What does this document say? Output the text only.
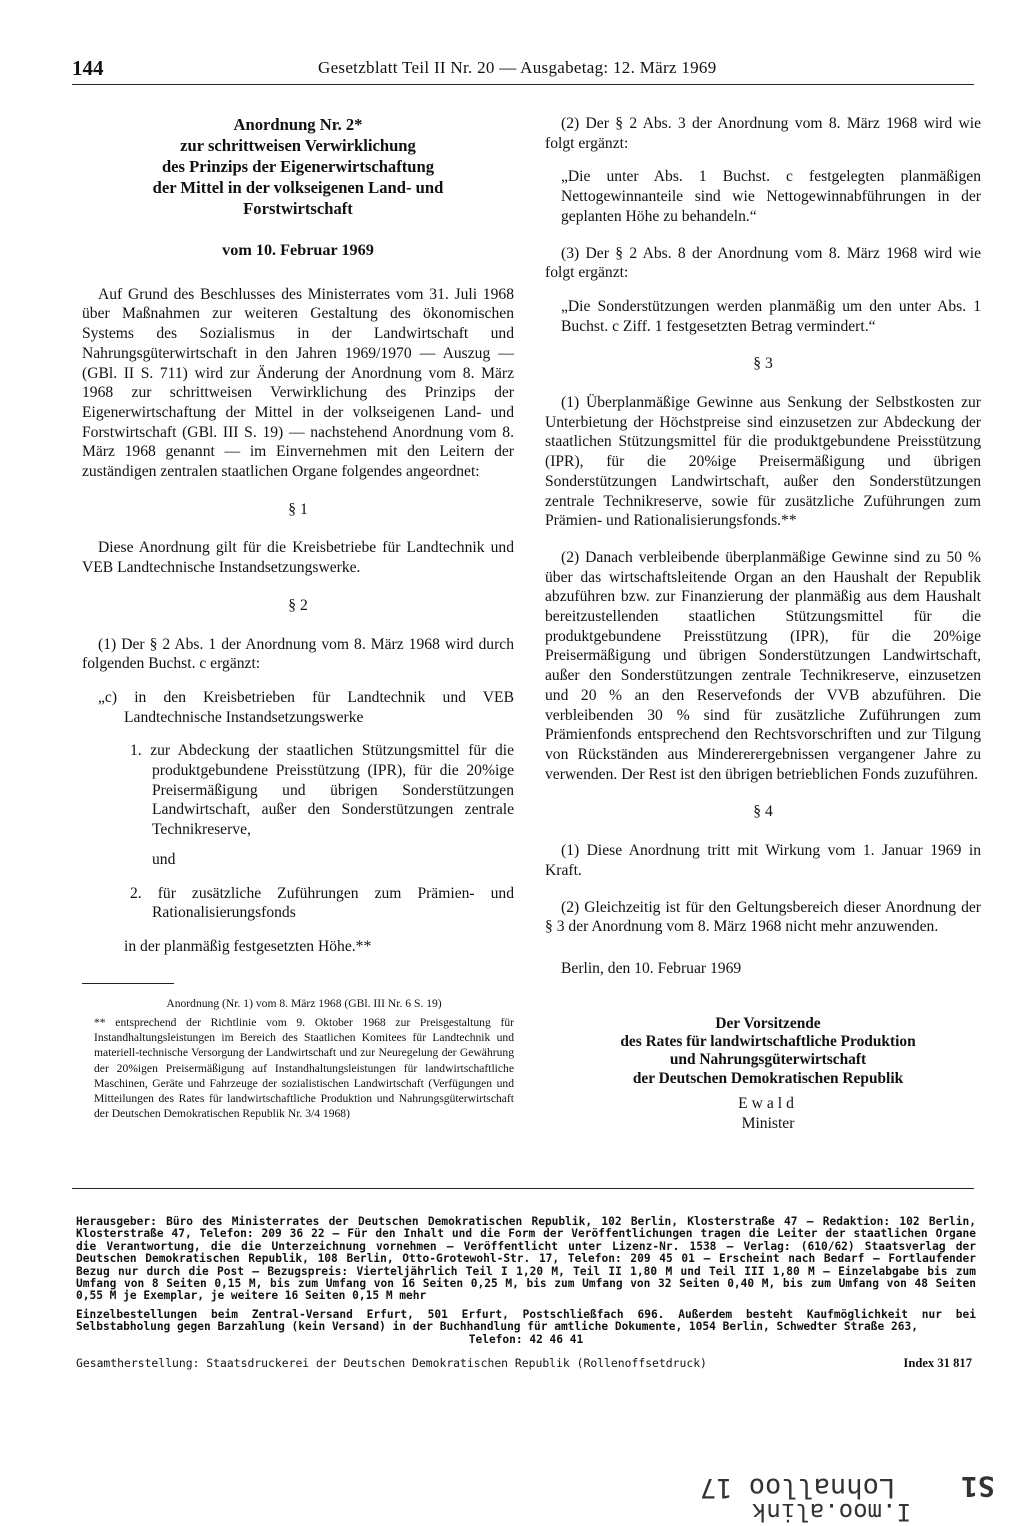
144	Gesetzblatt Teil II Nr. 20 — Ausgabetag: 12. März 1969
Anordnung Nr. 2*
zur schrittweisen Verwirklichung
des Prinzips der Eigenerwirtschaftung
der Mittel in der volkseigenen Land- und
Forstwirtschaft
vom 10. Februar 1969

Auf Grund des Beschlusses des Ministerrates vom 31. Juli 1968 über Maßnahmen zur weiteren Gestaltung des ökonomischen Systems des Sozialismus in der Landwirtschaft und Nahrungsgüterwirtschaft in den Jahren 1969/1970 — Auszug — (GBl. II S. 711) wird zur Änderung der Anordnung vom 8. März 1968 zur schrittweisen Verwirklichung des Prinzips der Eigenerwirtschaftung der Mittel in der volkseigenen Land- und Forstwirtschaft (GBl. III S. 19) — nachstehend Anordnung vom 8. März 1968 genannt — im Einvernehmen mit den Leitern der zuständigen zentralen staatlichen Organe folgendes angeordnet:

§ 1

Diese Anordnung gilt für die Kreisbetriebe für Landtechnik und VEB Landtechnische Instandsetzungswerke.

§ 2

(1) Der § 2 Abs. 1 der Anordnung vom 8. März 1968 wird durch folgenden Buchst. c ergänzt:

„c) in den Kreisbetrieben für Landtechnik und VEB Landtechnische Instandsetzungswerke

1. zur Abdeckung der staatlichen Stützungsmittel für die produktgebundene Preisstützung (IPR), für die 20%ige Preisermäßigung und übrigen Sonderstützungen Landwirtschaft, außer den Sonderstützungen zentrale Technikreserve,

und

2. für zusätzliche Zuführungen zum Prämien- und Rationalisierungsfonds

in der planmäßig festgesetzten Höhe.**

Anordnung (Nr. 1) vom 8. März 1968 (GBl. III Nr. 6 S. 19)

** entsprechend der Richtlinie vom 9. Oktober 1968 zur Preisgestaltung für Instandhaltungsleistungen im Bereich des Staatlichen Komitees für Landtechnik und materiell-technische Versorgung der Landwirtschaft und zur Neuregelung der Gewährung der 20%igen Preisermäßigung auf Instandhaltungsleistungen für landwirtschaftliche Maschinen, Geräte und Fahrzeuge der sozialistischen Landwirtschaft (Verfügungen und Mitteilungen des Rates für landwirtschaftliche Produktion und Nahrungsgüterwirtschaft der Deutschen Demokratischen Republik Nr. 3/4 1968)

(2) Der § 2 Abs. 3 der Anordnung vom 8. März 1968 wird wie folgt ergänzt:

„Die unter Abs. 1 Buchst. c festgelegten planmäßigen Nettogewinnanteile sind wie Nettogewinnabführungen in der geplanten Höhe zu behandeln.“

(3) Der § 2 Abs. 8 der Anordnung vom 8. März 1968 wird wie folgt ergänzt:

„Die Sonderstützungen werden planmäßig um den unter Abs. 1 Buchst. c Ziff. 1 festgesetzten Betrag vermindert.“

§ 3

(1) Überplanmäßige Gewinne aus Senkung der Selbstkosten zur Unterbietung der Höchstpreise sind einzusetzen zur Abdeckung der staatlichen Stützungsmittel für die produktgebundene Preisstützung (IPR), für die 20%ige Preisermäßigung und übrigen Sonderstützungen Landwirtschaft, außer den Sonderstützungen zentrale Technikreserve, sowie für zusätzliche Zuführungen zum Prämien- und Rationalisierungsfonds.**

(2) Danach verbleibende überplanmäßige Gewinne sind zu 50 % über das wirtschaftsleitende Organ an den Haushalt der Republik abzuführen bzw. zur Finanzierung der planmäßig aus dem Haushalt bereitzustellenden staatlichen Stützungsmittel für die produktgebundene Preisstützung (IPR), für die 20%ige Preisermäßigung und übrigen Sonderstützungen Landwirtschaft, außer den Sonderstützungen zentrale Technikreserve, einzusetzen und 20 % an den Reservefonds der VVB abzuführen. Die verbleibenden 30 % sind für zusätzliche Zuführungen zum Prämienfonds entsprechend den Rechtsvorschriften und zur Tilgung von Rückständen aus Mindererergebnissen vergangener Jahre zu verwenden. Der Rest ist den übrigen betrieblichen Fonds zuzuführen.

§ 4

(1) Diese Anordnung tritt mit Wirkung vom 1. Januar 1969 in Kraft.

(2) Gleichzeitig ist für den Geltungsbereich dieser Anordnung der § 3 der Anordnung vom 8. März 1968 nicht mehr anzuwenden.

Berlin, den 10. Februar 1969

Der Vorsitzende
des Rates für landwirtschaftliche Produktion
und Nahrungsgüterwirtschaft
der Deutschen Demokratischen Republik
Ewald
Minister

Herausgeber: Büro des Ministerrates der Deutschen Demokratischen Republik, 102 Berlin, Klosterstraße 47 — Redaktion: 102 Berlin, Klosterstraße 47, Telefon: 209 36 22 — Für den Inhalt und die Form der Veröffentlichungen tragen die Leiter der staatlichen Organe die Verantwortung, die die Unterzeichnung vornehmen — Veröffentlicht unter Lizenz-Nr. 1538 — Verlag: (610/62) Staatsverlag der Deutschen Demokratischen Republik, 108 Berlin, Otto-Grotewohl-Str. 17, Telefon: 209 45 01 — Erscheint nach Bedarf — Fortlaufender Bezug nur durch die Post — Bezugspreis: Vierteljährlich Teil I 1,20 M, Teil II 1,80 M und Teil III 1,80 M — Einzelabgabe bis zum Umfang von 8 Seiten 0,15 M, bis zum Umfang von 16 Seiten 0,25 M, bis zum Umfang von 32 Seiten 0,40 M, bis zum Umfang von 48 Seiten 0,55 M je Exemplar, je weitere 16 Seiten 0,15 M mehr

Einzelbestellungen beim Zentral-Versand Erfurt, 501 Erfurt, Postschließfach 696. Außerdem besteht Kaufmöglichkeit nur bei Selbstabholung gegen Barzahlung (kein Versand) in der Buchhandlung für amtliche Dokumente, 1054 Berlin, Schwedter Straße 263,

Telefon: 42 46 41

Gesamtherstellung: Staatsdruckerei der Deutschen Demokratischen Republik (Rollenoffsetdruck)	Index 31 817
Lohnalloo 17
I.moo.alink
S1
